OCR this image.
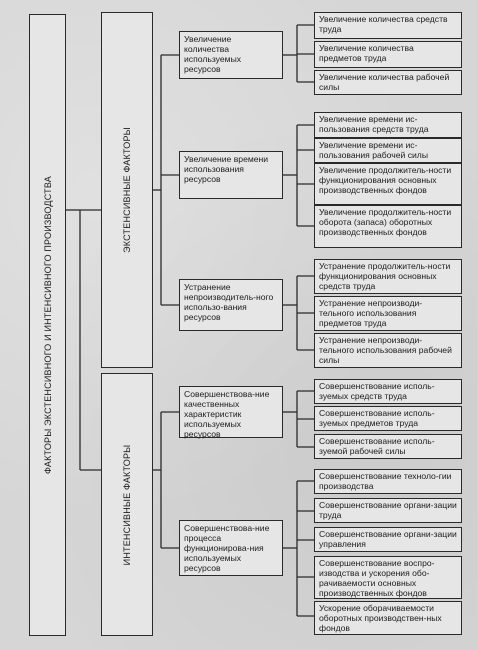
ФАКТОРЫ ЭКСТЕНСИВНОГО И ИНТЕНСИВНОГО ПРОИЗВОДСТВА	ЭКСТЕНСИВНЫЕ ФАКТОРЫ
ИНТЕНСИВНЫЕ ФАКТОРЫ
Увеличение количества используемых ресурсов
Увеличение времени использования ресурсов
Устранение непроизводитель-ного использо-вания ресурсов
Совершенствова-ние качественных характеристик используемых ресурсов
Совершенствова-ние процесса функционирова-ния используемых ресурсов
Увеличение количества средств труда
Увеличение количества предметов труда
Увеличение количества рабочей силы
Увеличение времени ис-пользования средств труда
Увеличение времени ис-пользования рабочей силы
Увеличение продолжитель-ности функционирования основных производственных фондов
Увеличение продолжитель-ности оборота (запаса) оборотных производственных фондов
Устранение продолжитель-ности функционирования основных средств труда
Устранение непроизводи-тельного использования предметов труда
Устранение непроизводи-тельного использования рабочей силы
Совершенствование исполь-зуемых средств труда
Совершенствование исполь-зуемых предметов труда
Совершенствование исполь-зуемой рабочей силы
Совершенствование техноло-гии производства
Совершенствование органи-зации труда
Совершенствование органи-зации управления
Совершенствование воспро-изводства и ускорения обо-рачиваемости основных производственных фондов
Ускорение оборачиваемости оборотных производствен-ных фондов
